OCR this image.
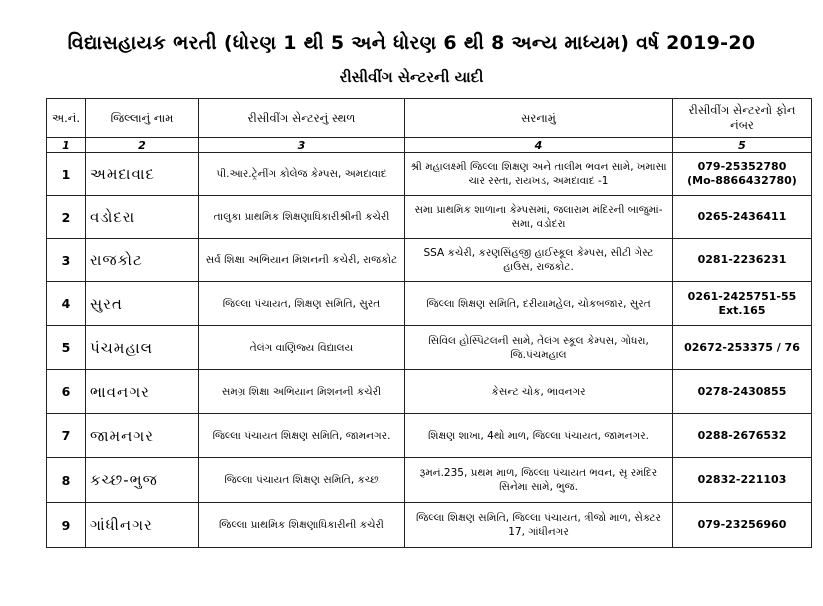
વિદ્યાસહાયક ભરતી (ધોરણ 1 થી 5 અને ધોરણ 6 થી 8 અન્ય માધ્યમ) વર્ષ 2019-20
રીસીવીંગ સેન્ટરની યાદી
અ.નં.	જિલ્લાનું નામ	રીસીવીંગ સેન્ટરનું સ્થળ	સરનામું	રીસીવીંગ સેન્ટરનો ફોન નંબર
1	2	3	4	5
1	અમદાવાદ	પી.આર.ટ્રેનીંગ કોલેજ કેમ્પસ, અમદાવાદ	શ્રી મહાલક્ષ્મી જિલ્લા શિક્ષણ અને તાલીમ ભવન સામે, ખમાસા ચાર રસ્તા, રાયખડ, અમદાવાદ -1	079-25352780
(Mo-8866432780)
2	વડોદરા	તાલુકા પ્રાથમિક શિક્ષણાધિકારીશ્રીની કચેરી	સમા પ્રાથમિક શાળાના કેમ્પસમાં, જલારામ મંદિરની બાજુમાં-સમા, વડોદરા	0265-2436411
3	રાજકોટ	સર્વ શિક્ષા અભિયાન મિશનની કચેરી, રાજકોટ	SSA કચેરી, કરણસિંહજી હાઈસ્કૂલ કેમ્પસ, સીટી ગેસ્ટ હાઉસ, રાજકોટ.	0281-2236231
4	સુરત	જિલ્લા પંચાયત, શિક્ષણ સમિતિ, સુરત	જિલ્લા શિક્ષણ સમિતિ, દરીયામહેલ, ચોકબજાર, સુરત	0261-2425751-55
Ext.165
5	પંચમહાલ	તેલંગ વાણિજ્ય વિદ્યાલય	સિવિલ હોસ્પિટલની સામે, તેલંગ સ્કૂલ કેમ્પસ, ગોધરા, જિ.પંચમહાલ	02672-253375 / 76
6	ભાવનગર	સમગ્ર શિક્ષા અભિયાન મિશનની કચેરી	કેસન્ટ ચોક, ભાવનગર	0278-2430855
7	જામનગર	જિલ્લા પંચાયત શિક્ષણ સમિતિ, જામનગર.	શિક્ષણ શાખા, 4થો માળ, જિલ્લા પંચાયત, જામનગર.	0288-2676532
8	કચ્છ-ભુજ	જિલ્લા પંચાયત શિક્ષણ સમિતિ, કચ્છ	રૂમનં.235, પ્રથમ માળ, જિલ્લા પંચાયત ભવન, સૃ રમંદિર સિનેમા સામે, ભુજ.	02832-221103
9	ગાંધીનગર	જિલ્લા પ્રાથમિક શિક્ષણાધિકારીની કચેરી	જિલ્લા શિક્ષણ સમિતિ, જિલ્લા પંચાયત, ત્રીજો માળ, સેક્ટર 17, ગાંધીનગર	079-23256960
